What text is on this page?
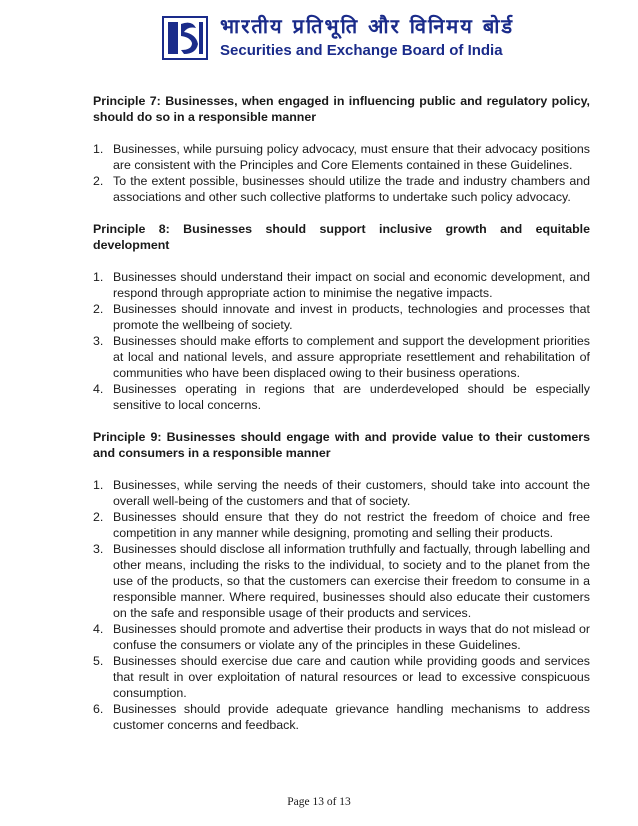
भारतीय प्रतिभूति और विनिमय बोर्ड
Securities and Exchange Board of India

Principle 7: Businesses, when engaged in influencing public and regulatory policy, should do so in a responsible manner

1. Businesses, while pursuing policy advocacy, must ensure that their advocacy positions are consistent with the Principles and Core Elements contained in these Guidelines.
2. To the extent possible, businesses should utilize the trade and industry chambers and associations and other such collective platforms to undertake such policy advocacy.

Principle 8: Businesses should support inclusive growth and equitable

development

1. Businesses should understand their impact on social and economic development, and respond through appropriate action to minimise the negative impacts.
2. Businesses should innovate and invest in products, technologies and processes that promote the wellbeing of society.
3. Businesses should make efforts to complement and support the development priorities at local and national levels, and assure appropriate resettlement and rehabilitation of communities who have been displaced owing to their business operations.
4. Businesses operating in regions that are underdeveloped should be especially sensitive to local concerns.

Principle 9: Businesses should engage with and provide value to their customers and consumers in a responsible manner

1. Businesses, while serving the needs of their customers, should take into account the overall well-being of the customers and that of society.
2. Businesses should ensure that they do not restrict the freedom of choice and free competition in any manner while designing, promoting and selling their products.
3. Businesses should disclose all information truthfully and factually, through labelling and other means, including the risks to the individual, to society and to the planet from the use of the products, so that the customers can exercise their freedom to consume in a responsible manner. Where required, businesses should also educate their customers on the safe and responsible usage of their products and services.
4. Businesses should promote and advertise their products in ways that do not mislead or confuse the consumers or violate any of the principles in these Guidelines.
5. Businesses should exercise due care and caution while providing goods and services that result in over exploitation of natural resources or lead to excessive conspicuous consumption.
6. Businesses should provide adequate grievance handling mechanisms to address customer concerns and feedback.
Page 13 of 13
